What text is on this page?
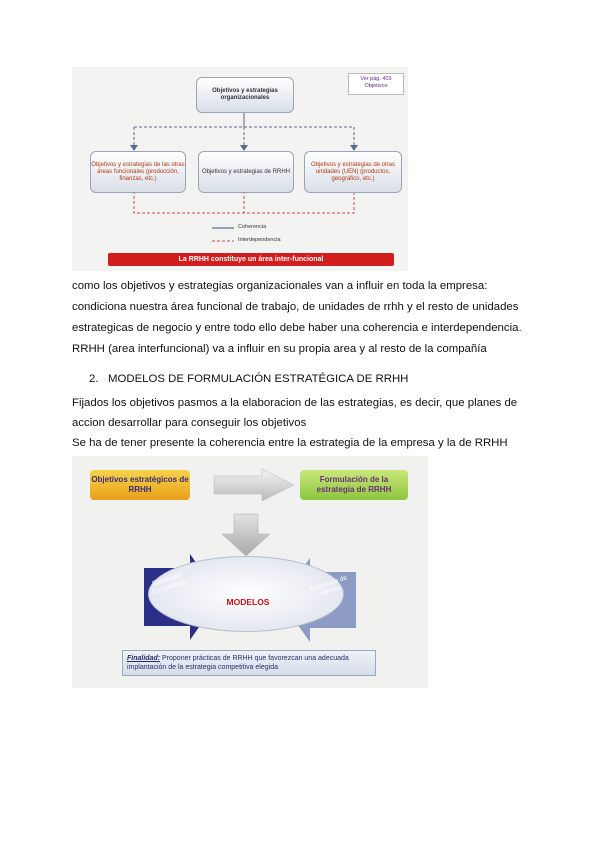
Objetivos y estrategias organizacionales
Ver pág. 403 Objetivos
Objetivos y estrategias de las otras áreas funcionales (producción, finanzas, etc.)
Objetivos y estrategias de RRHH
Objetivos y estrategias de otras unidades (UEN) (productos, geográfico, etc.)
Coherencia
Interdependencia
La RRHH constituye un área inter-funcional
como los objetivos y estrategias organizacionales van a influir en toda la empresa:
condiciona nuestra área funcional de trabajo, de unidades de rrhh y el resto de unidades
estrategicas de negocio y entre todo ello debe haber una coherencia e interdependencia.
RRHH (area interfuncional) va a influir en su propia area y al resto de la compañía
2. MODELOS DE FORMULACIÓN ESTRATÉGICA DE RRHH
Fijados los objetivos pasmos a la elaboracion de las estrategias, es decir, que planes de
accion desarrollar para conseguir los objetivos
Se ha de tener presente la coherencia entre la estrategia de la empresa y la de RRHH
Objetivos estratégicos de RRHH
Formulación de la estrategia de RRHH
MODELOS
Estrategia Competitiva	Estrategia de RRHH
Finalidad: Proponer prácticas de RRHH que favorezcan una adecuada implantación de la estrategia competitiva elegida
